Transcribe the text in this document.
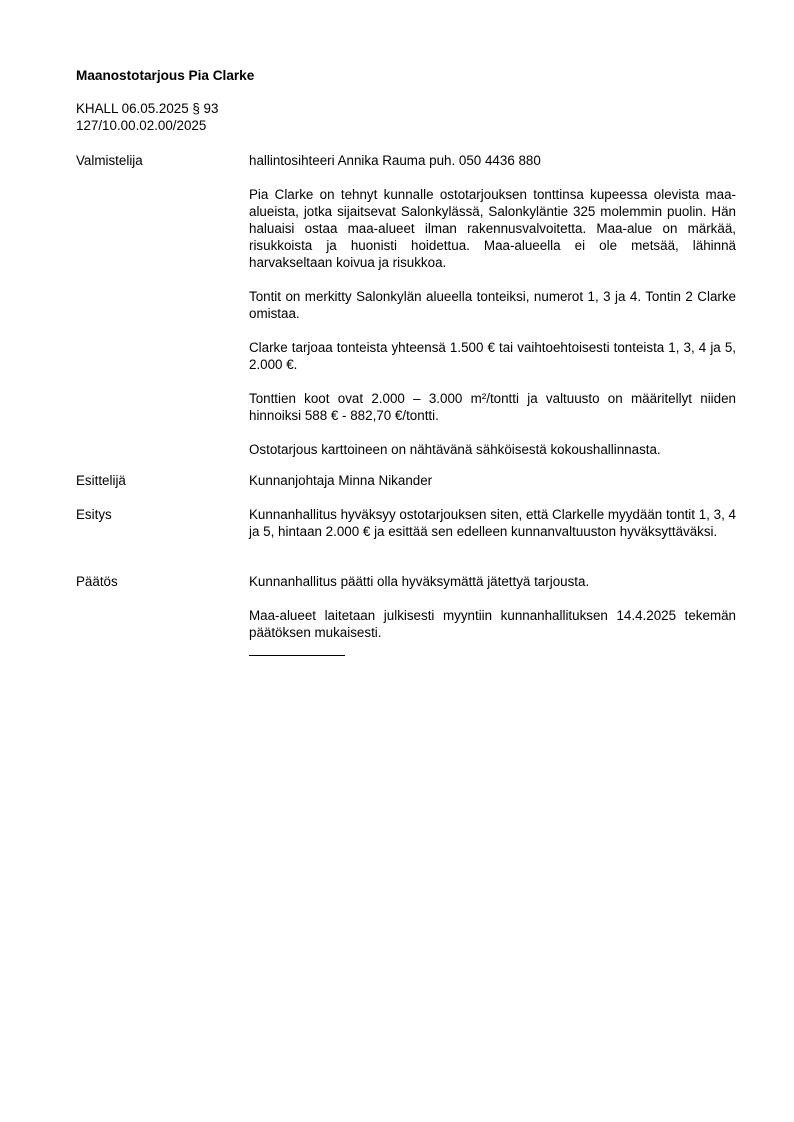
Maanostotarjous Pia Clarke
KHALL 06.05.2025 § 93
127/10.00.02.00/2025
Valmistelija	hallintosihteeri Annika Rauma puh. 050 4436 880

Pia Clarke on tehnyt kunnalle ostotarjouksen tonttinsa kupeessa olevista maa-alueista, jotka sijaitsevat Salonkylässä, Salonkyläntie 325 molemmin puolin. Hän haluaisi ostaa maa-alueet ilman rakennusvalvoitetta. Maa-alue on märkää, risukkoista ja huonisti hoidettua. Maa-alueella ei ole metsää, lähinnä harvakseltaan koivua ja risukkoa.

Tontit on merkitty Salonkylän alueella tonteiksi, numerot 1, 3 ja 4. Tontin 2 Clarke omistaa.

Clarke tarjoaa tonteista yhteensä 1.500 € tai vaihtoehtoisesti tonteista 1, 3, 4 ja 5, 2.000 €.

Tonttien koot ovat 2.000 – 3.000 m²/tontti ja valtuusto on määritellyt niiden hinnoiksi 588 € - 882,70 €/tontti.

Ostotarjous karttoineen on nähtävänä sähköisestä kokoushallinnasta.

Esittelijä	Kunnanjohtaja Minna Nikander

Esitys	Kunnanhallitus hyväksyy ostotarjouksen siten, että Clarkelle myydään tontit 1, 3, 4 ja 5, hintaan 2.000 € ja esittää sen edelleen kunnanvaltuuston hyväksyttäväksi.

Päätös	Kunnanhallitus päätti olla hyväksymättä jätettyä tarjousta.

Maa-alueet laitetaan julkisesti myyntiin kunnanhallituksen 14.4.2025 tekemän päätöksen mukaisesti.
